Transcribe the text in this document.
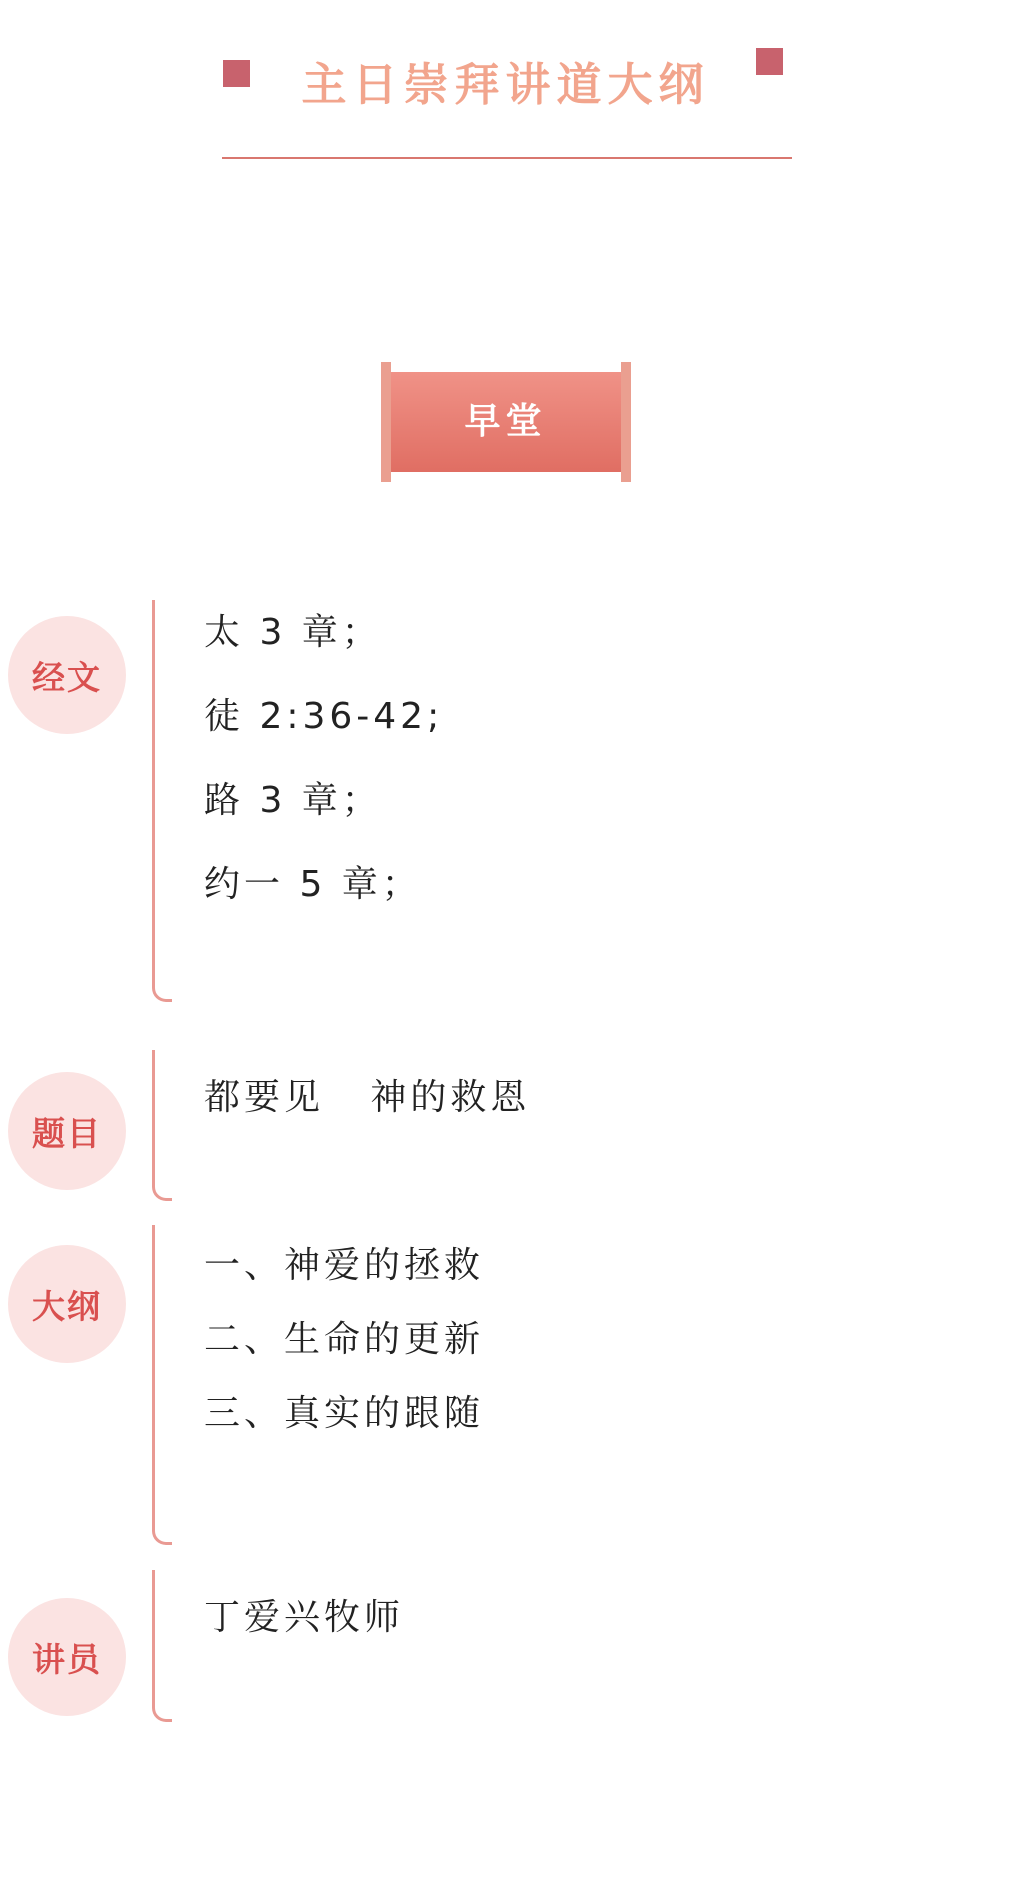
主日崇拜讲道大纲
早堂
经文

太 3 章；

徒 2:36-42;

路 3 章；

约一 5 章；

题目

都要见   神的救恩

大纲

一、神爱的拯救

二、生命的更新

三、真实的跟随

讲员

丁爱兴牧师
